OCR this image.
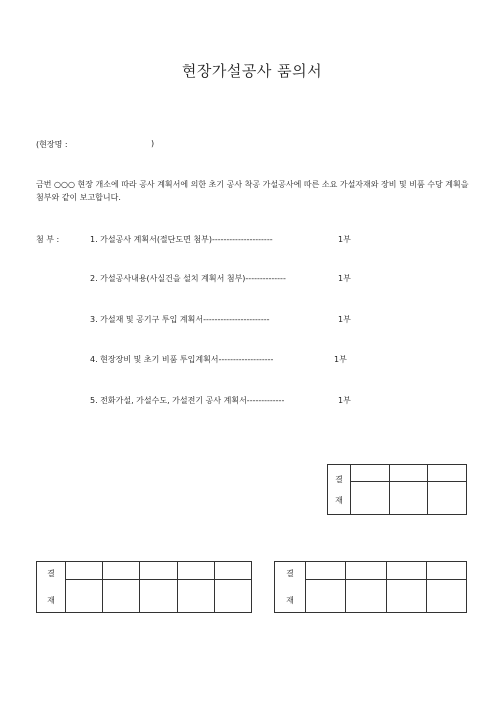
현장가설공사 품의서
(현장명 :	)
금번 ○○○ 현장 개소에 따라 공사 계획서에 의한 초기 공사 착공 가설공사에 따른 소요 가설자재와 장비 및 비품 수당 계획을 첨부와 같이 보고합니다.
첨 부 :	1. 가설공사 계획서(절단도면 첨부)---------------------	1부
2. 가설공사내용(사실건을 설치 계획서 첨부)--------------	1부
3. 가설재 및 공기구 투입 계획서-----------------------	1부
4. 현장장비 및 초기 비품 투입계획서-------------------	1부
5. 전화가설, 가설수도, 가설전기 공사 계획서-------------	1부
결
재			

결
재					

결
재				
